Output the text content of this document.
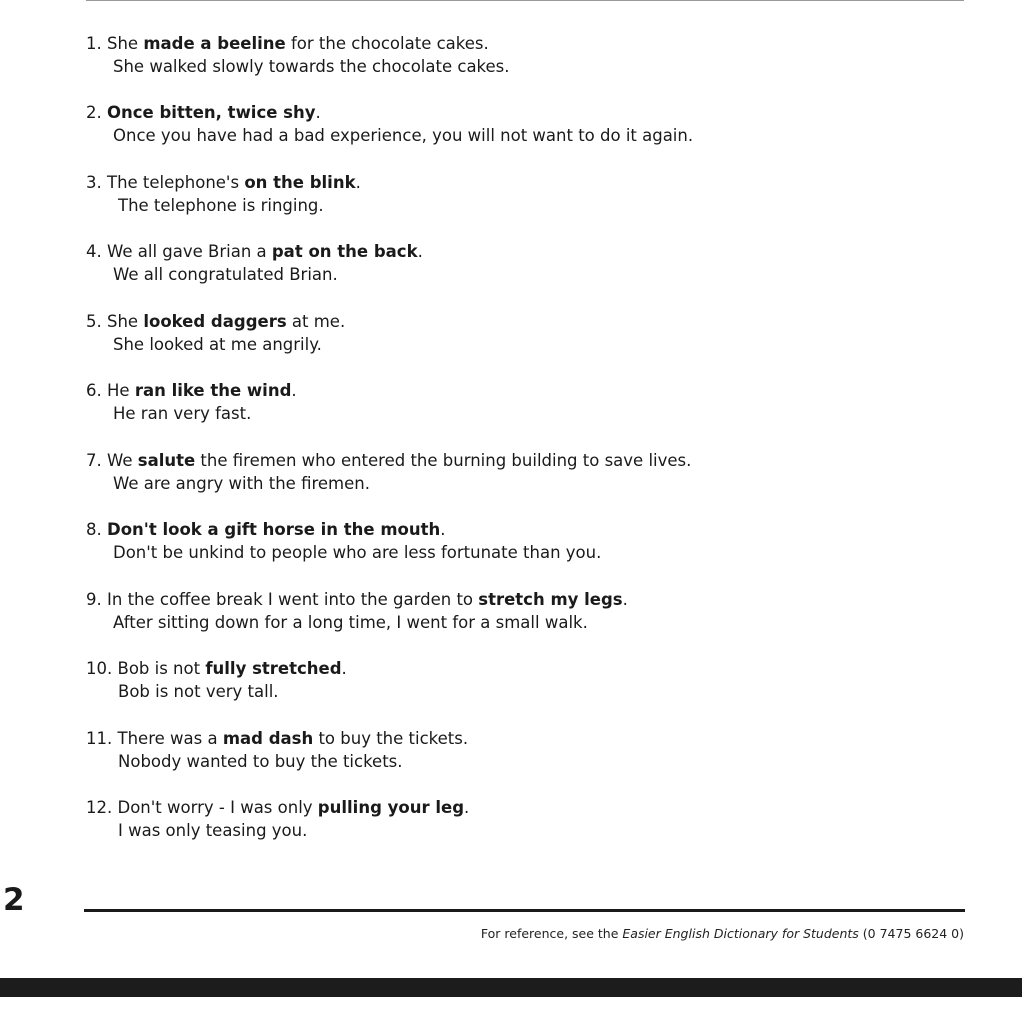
1. She made a beeline for the chocolate cakes.
She walked slowly towards the chocolate cakes.
2. Once bitten, twice shy.
Once you have had a bad experience, you will not want to do it again.
3. The telephone's on the blink.
The telephone is ringing.
4. We all gave Brian a pat on the back.
We all congratulated Brian.
5. She looked daggers at me.
She looked at me angrily.
6. He ran like the wind.
He ran very fast.
7. We salute the firemen who entered the burning building to save lives.
We are angry with the firemen.
8. Don't look a gift horse in the mouth.
Don't be unkind to people who are less fortunate than you.
9. In the coffee break I went into the garden to stretch my legs.
After sitting down for a long time, I went for a small walk.
10. Bob is not fully stretched.
Bob is not very tall.
11. There was a mad dash to buy the tickets.
Nobody wanted to buy the tickets.
12. Don't worry - I was only pulling your leg.
I was only teasing you.
2
For reference, see the Easier English Dictionary for Students (0 7475 6624 0)
